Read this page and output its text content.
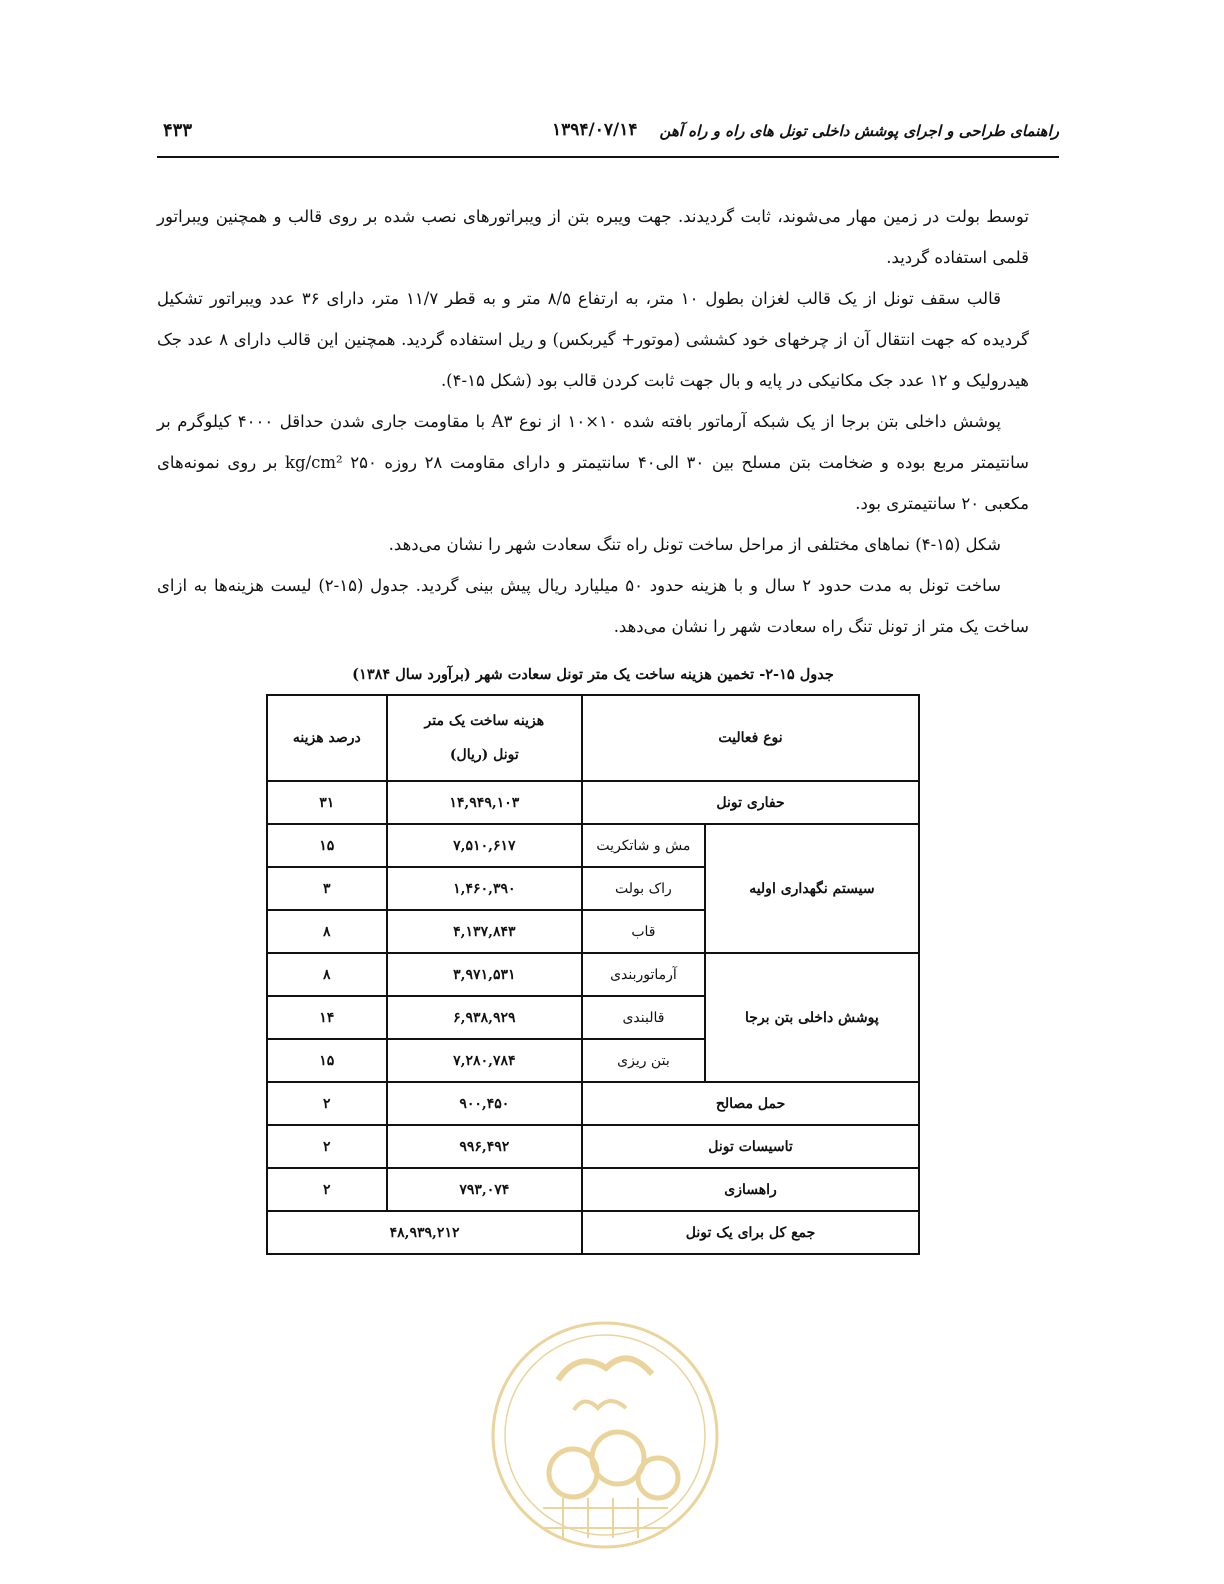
راهنمای طراحی و اجرای پوشش داخلی تونل های راه و راه آهن
۱۳۹۴/۰۷/۱۴
۴۳۳

توسط بولت در زمین مهار می‌شوند، ثابت گردیدند. جهت ویبره بتن از ویبراتورهای نصب شده بر روی قالب و همچنین ویبراتور قلمی استفاده گردید.

قالب سقف تونل از یک قالب لغزان بطول ۱۰ متر، به ارتفاع ۸/۵ متر و به قطر ۱۱/۷ متر، دارای ۳۶ عدد ویبراتور تشکیل گردیده که جهت انتقال آن از چرخهای خود کششی (موتور+ گیربکس) و ریل استفاده گردید. همچنین این قالب دارای ۸ عدد جک هیدرولیک و ۱۲ عدد جک مکانیکی در پایه و بال جهت ثابت کردن قالب بود (شکل ۱۵-۴).

پوشش داخلی بتن برجا از یک شبکه آرماتور بافته شده ۱۰×۱۰ از نوع A۳ با مقاومت جاری شدن حداقل ۴۰۰۰ کیلوگرم بر سانتیمتر مربع بوده و ضخامت بتن مسلح بین ۳۰ الی۴۰ سانتیمتر و دارای مقاومت ۲۸ روزه kg/cm² ۲۵۰ بر روی نمونه‌های مکعبی ۲۰ سانتیمتری بود.

شکل (۱۵-۴) نماهای مختلفی از مراحل ساخت تونل راه تنگ سعادت شهر را نشان می‌دهد.

ساخت تونل به مدت حدود ۲ سال و با هزینه حدود ۵۰ میلیارد ریال پیش بینی گردید. جدول (۱۵-۲) لیست هزینه‌ها به ازای ساخت یک متر از تونل تنگ راه سعادت شهر را نشان می‌دهد.

جدول ۱۵-۲- تخمین هزینه ساخت یک متر تونل سعادت شهر (برآورد سال ۱۳۸۴)
نوع فعالیت		هزینه ساخت یک متر تونل (ریال)	درصد هزینه
حفاری تونل		۱۴,۹۴۹,۱۰۳	۳۱
سیستم نگهداری اولیه	مش و شاتکریت	۷,۵۱۰,۶۱۷	۱۵
	راک بولت	۱,۴۶۰,۳۹۰	۳
	قاب	۴,۱۳۷,۸۴۳	۸
پوشش داخلی بتن برجا	آرماتوربندی	۳,۹۷۱,۵۳۱	۸
	قالبندی	۶,۹۳۸,۹۲۹	۱۴
	بتن ریزی	۷,۲۸۰,۷۸۴	۱۵
حمل مصالح		۹۰۰,۴۵۰	۲
تاسیسات تونل		۹۹۶,۴۹۲	۲
راهسازی		۷۹۳,۰۷۴	۲
جمع کل برای یک تونل		۴۸,۹۳۹,۲۱۲	
